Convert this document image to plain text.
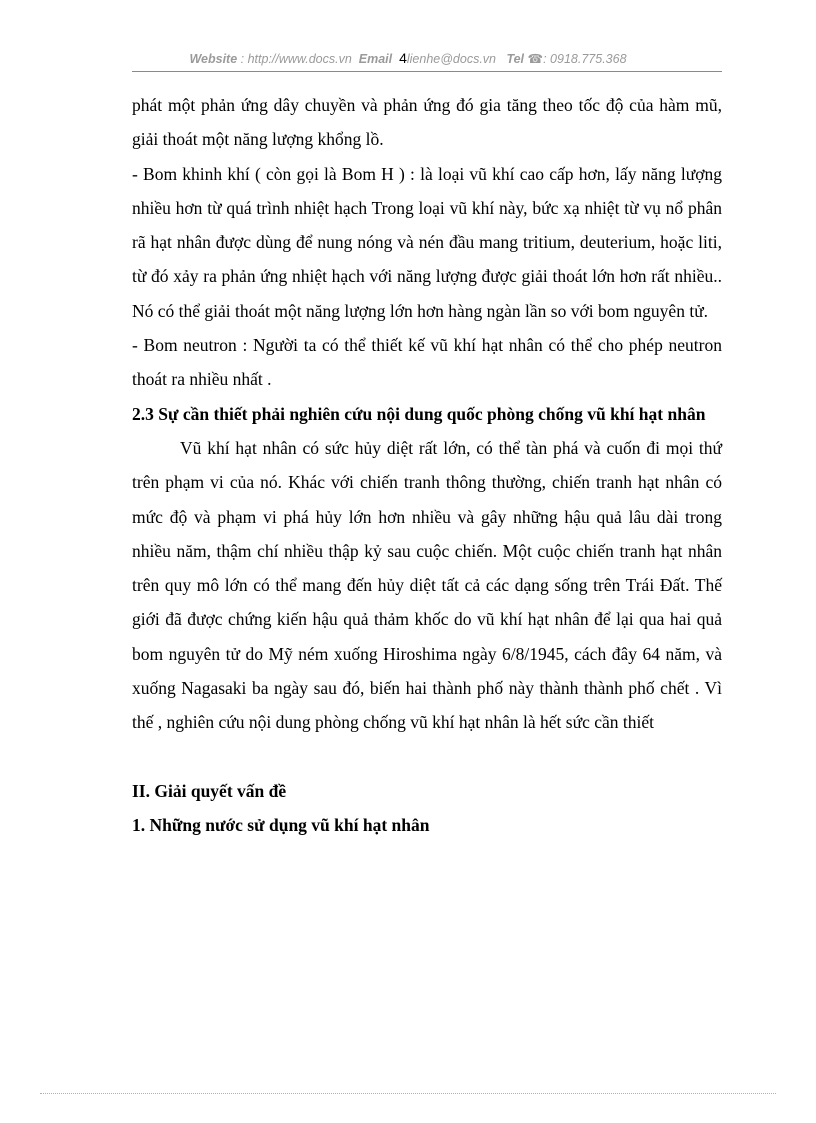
Website : http://www.docs.vn Email 4lienhe@docs.vn Tel ☎: 0918.775.368

phát một phản ứng dây chuyền và phản ứng đó gia tăng theo tốc độ của hàm mũ, giải thoát một năng lượng khổng lồ.

- Bom khinh khí ( còn gọi là Bom H ) : là loại vũ khí cao cấp hơn, lấy năng lượng nhiều hơn từ quá trình nhiệt hạch Trong loại vũ khí này, bức xạ nhiệt từ vụ nổ phân rã hạt nhân được dùng để nung nóng và nén đầu mang tritium, deuterium, hoặc liti, từ đó xảy ra phản ứng nhiệt hạch với năng lượng được giải thoát lớn hơn rất nhiều.. Nó có thể giải thoát một năng lượng lớn hơn hàng ngàn lần so với bom nguyên tử.

- Bom neutron : Người ta có thể thiết kế vũ khí hạt nhân có thể cho phép neutron thoát ra nhiều nhất .

2.3 Sự cần thiết phải nghiên cứu nội dung quốc phòng chống vũ khí hạt nhân

Vũ khí hạt nhân có sức hủy diệt rất lớn, có thể tàn phá và cuốn đi mọi thứ trên phạm vi của nó. Khác với chiến tranh thông thường, chiến tranh hạt nhân có mức độ và phạm vi phá hủy lớn hơn nhiều và gây những hậu quả lâu dài trong nhiều năm, thậm chí nhiều thập kỷ sau cuộc chiến. Một cuộc chiến tranh hạt nhân trên quy mô lớn có thể mang đến hủy diệt tất cả các dạng sống trên Trái Đất. Thế giới đã được chứng kiến hậu quả thảm khốc do vũ khí hạt nhân để lại qua hai quả bom nguyên tử do Mỹ ném xuống Hiroshima ngày 6/8/1945, cách đây 64 năm, và xuống Nagasaki ba ngày sau đó, biến hai thành phố này thành thành phố chết . Vì thế , nghiên cứu nội dung phòng chống vũ khí hạt nhân là hết sức cần thiết

II. Giải quyết vấn đề
1. Những nước sử dụng vũ khí hạt nhân
